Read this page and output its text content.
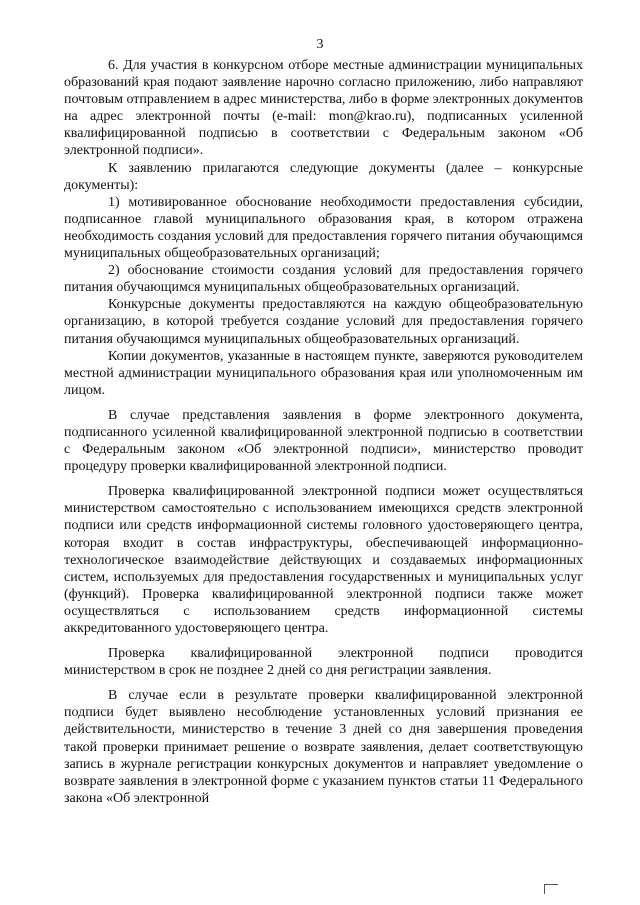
3

6. Для участия в конкурсном отборе местные администрации муниципальных образований края подают заявление нарочно согласно приложению, либо направляют почтовым отправлением в адрес министерства, либо в форме электронных документов на адрес электронной почты (e-mail: mon@krao.ru), подписанных усиленной квалифицированной подписью в соответствии с Федеральным законом «Об электронной подписи».

К заявлению прилагаются следующие документы (далее – конкурсные документы):

1) мотивированное обоснование необходимости предоставления субсидии, подписанное главой муниципального образования края, в котором отражена необходимость создания условий для предоставления горячего питания обучающимся муниципальных общеобразовательных организаций;

2) обоснование стоимости создания условий для предоставления горячего питания обучающимся муниципальных общеобразовательных организаций.

Конкурсные документы предоставляются на каждую общеобразовательную организацию, в которой требуется создание условий для предоставления горячего питания обучающимся муниципальных общеобразовательных организаций.

Копии документов, указанные в настоящем пункте, заверяются руководителем местной администрации муниципального образования края или уполномоченным им лицом.

В случае представления заявления в форме электронного документа, подписанного усиленной квалифицированной электронной подписью в соответствии с Федеральным законом «Об электронной подписи», министерство проводит процедуру проверки квалифицированной электронной подписи.

Проверка квалифицированной электронной подписи может осуществляться министерством самостоятельно с использованием имеющихся средств электронной подписи или средств информационной системы головного удостоверяющего центра, которая входит в состав инфраструктуры, обеспечивающей информационно-технологическое взаимодействие действующих и создаваемых информационных систем, используемых для предоставления государственных и муниципальных услуг (функций). Проверка квалифицированной электронной подписи также может осуществляться с использованием средств информационной системы аккредитованного удостоверяющего центра.

Проверка квалифицированной электронной подписи проводится министерством в срок не позднее 2 дней со дня регистрации заявления.

В случае если в результате проверки квалифицированной электронной подписи будет выявлено несоблюдение установленных условий признания ее действительности, министерство в течение 3 дней со дня завершения проведения такой проверки принимает решение о возврате заявления, делает соответствующую запись в журнале регистрации конкурсных документов и направляет уведомление о возврате заявления в электронной форме с указанием пунктов статьи 11 Федерального закона «Об электронной
